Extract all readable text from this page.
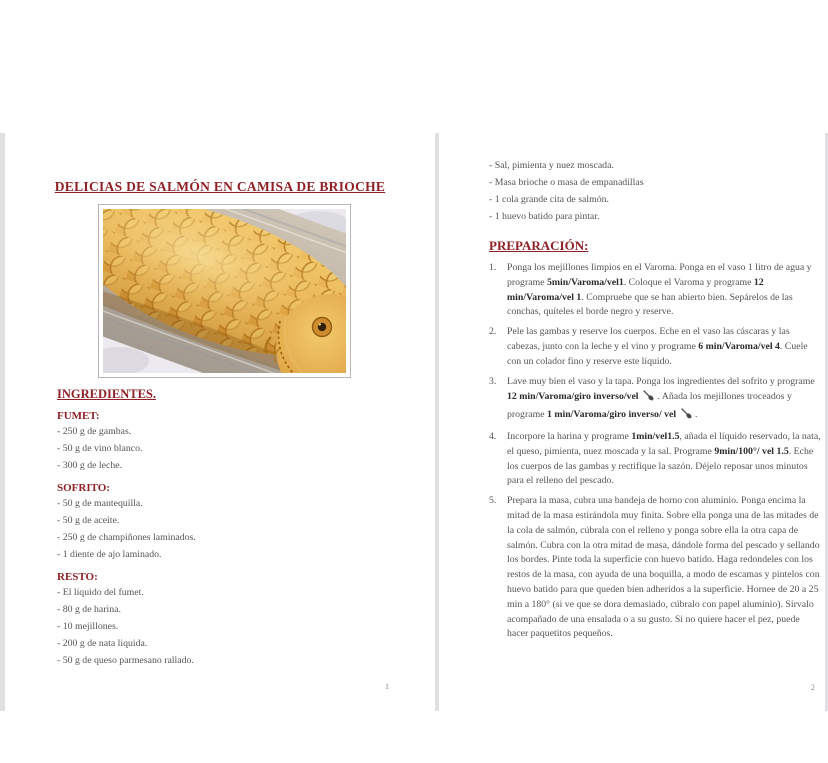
DELICIAS DE SALMÓN EN CAMISA DE BRIOCHE
INGREDIENTES.
FUMET:
- 250 g de gambas.
- 50 g de vino blanco.
- 300 g de leche.
SOFRITO:
- 50 g de mantequilla.
- 50 g de aceite.
- 250 g de champiñones laminados.
- 1 diente de ajo laminado.
RESTO:
- El líquido del fumet.
- 80 g de harina.
- 10 mejillones.
- 200 g de nata liquida.
- 50 g de queso parmesano rallado.
1
- Sal, pimienta y nuez moscada.
- Masa brioche o masa de empanadillas
- 1 cola grande cita de salmón.
- 1 huevo batido para pintar.
PREPARACIÓN:
1. Ponga los mejillones limpios en el Varoma. Ponga en el vaso 1 litro de agua y programe 5min/Varoma/vel1. Coloque el Varoma y programe 12 min/Varoma/vel 1. Compruebe que se han abierto bien. Sepárelos de las conchas, quíteles el borde negro y reserve.
2. Pele las gambas y reserve los cuerpos. Eche en el vaso las cáscaras y las cabezas, junto con la leche y el vino y programe 6 min/Varoma/vel 4. Cuele con un colador fino y reserve este líquido.
3. Lave muy bien el vaso y la tapa. Ponga los ingredientes del sofrito y programe 12 min/Varoma/giro inverso/vel  . Añada los mejillones troceados y programe 1 min/Varoma/giro inverso/ vel  .
4. Incorpore la harina y programe 1min/vel1.5, añada el líquido reservado, la nata, el queso, pimienta, nuez moscada y la sal. Programe 9min/100°/ vel 1.5. Eche los cuerpos de las gambas y rectifique la sazón. Déjelo reposar unos minutos para el relleno del pescado.
5. Prepara la masa, cubra una bandeja de horno con aluminio. Ponga encima la mitad de la masa estirándola muy finita. Sobre ella ponga una de las mitades de la cola de salmón, cúbrala con el relleno y ponga sobre ella la otra capa de salmón. Cubra con la otra mitad de masa, dándole forma del pescado y sellando los bordes. Pinte toda la superficie con huevo batido. Haga redondeles con los restos de la masa, con ayuda de una boquilla, a modo de escamas y píntelos con huevo batido para que queden bien adheridos a la superficie. Hornee de 20 a 25 min a 180° (si ve que se dora demasiado, cúbralo con papel aluminio). Sírvalo acompañado de una ensalada o a su gusto. Si no quiere hacer el pez, puede hacer paquetitos pequeños.
2
